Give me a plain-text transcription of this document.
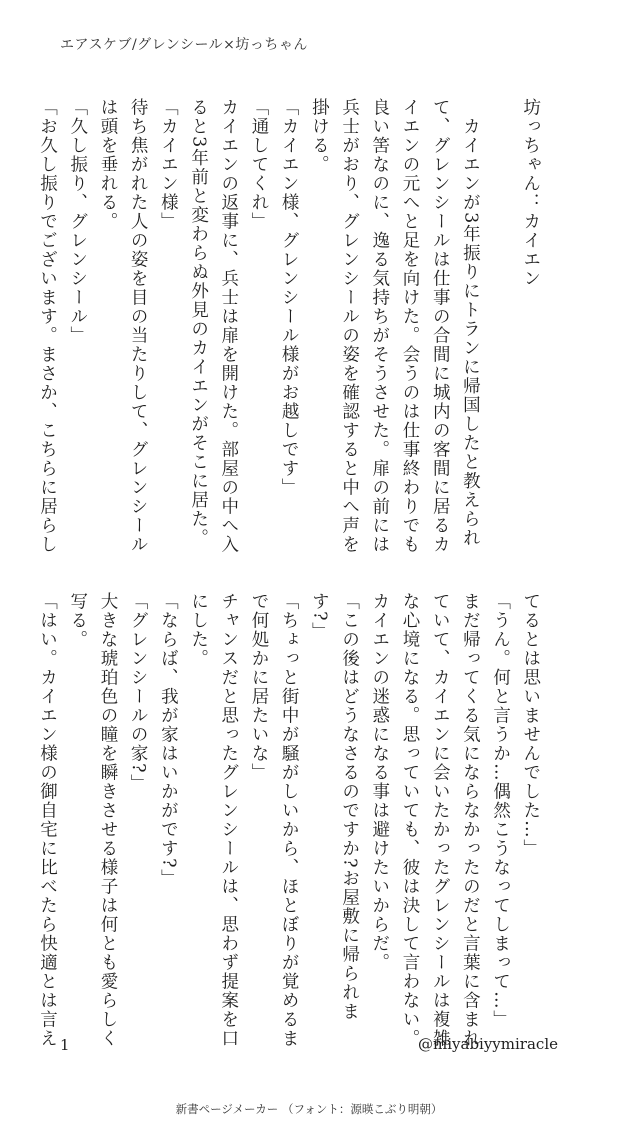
エアスケブ/グレンシール×坊っちゃん

坊っちゃん：カイエン

　カイエンが3年振りにトランに帰国したと教えられ
て、グレンシールは仕事の合間に城内の客間に居るカ
イエンの元へと足を向けた。会うのは仕事終わりでも
良い筈なのに、逸る気持ちがそうさせた。扉の前には
兵士がおり、グレンシールの姿を確認すると中へ声を
掛ける。
「カイエン様、グレンシール様がお越しです」
「通してくれ」
カイエンの返事に、兵士は扉を開けた。部屋の中へ入
ると3年前と変わらぬ外見のカイエンがそこに居た。
「カイエン様」
待ち焦がれた人の姿を目の当たりして、グレンシール
は頭を垂れる。
「久し振り、グレンシール」
「お久し振りでございます。まさか、こちらに居らし

てるとは思いませんでした…」
「うん。何と言うか…偶然こうなってしまって…」
まだ帰ってくる気にならなかったのだと言葉に含まれ
ていて、カイエンに会いたかったグレンシールは複雑
な心境になる。思っていても、彼は決して言わない。
カイエンの迷惑になる事は避けたいからだ。
「この後はどうなさるのですか?お屋敷に帰られま
す?」
「ちょっと街中が騒がしいから、ほとぼりが覚めるま
で何処かに居たいな」
チャンスだと思ったグレンシールは、思わず提案を口
にした。
「ならば、我が家はいかがです?」
「グレンシールの家?」
大きな琥珀色の瞳を瞬きさせる様子は何とも愛らしく
写る。
「はい。カイエン様の御自宅に比べたら快適とは言え 1	@miyabiyymiracle
新書ページメーカー （フォント：源暎こぶり明朝）
